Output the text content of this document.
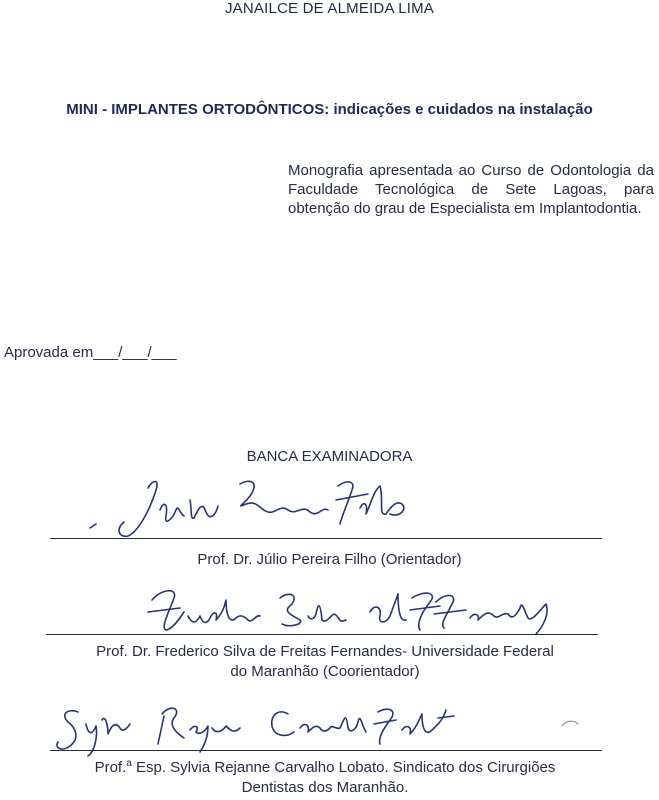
JANAILCE DE ALMEIDA LIMA
MINI - IMPLANTES ORTODÔNTICOS: indicações e cuidados na instalação
Monografia apresentada ao Curso de Odontologia da Faculdade Tecnológica de Sete Lagoas, para obtenção do grau de Especialista em Implantodontia.
Aprovada em___/___/___
BANCA EXAMINADORA
Prof. Dr. Júlio Pereira Filho (Orientador)
Prof. Dr. Frederico Silva de Freitas Fernandes- Universidade Federal
do Maranhão (Coorientador)
Prof.$^a$ Esp. Sylvia Rejanne Carvalho Lobato. Sindicato dos Cirurgiões
Dentistas dos Maranhão.
